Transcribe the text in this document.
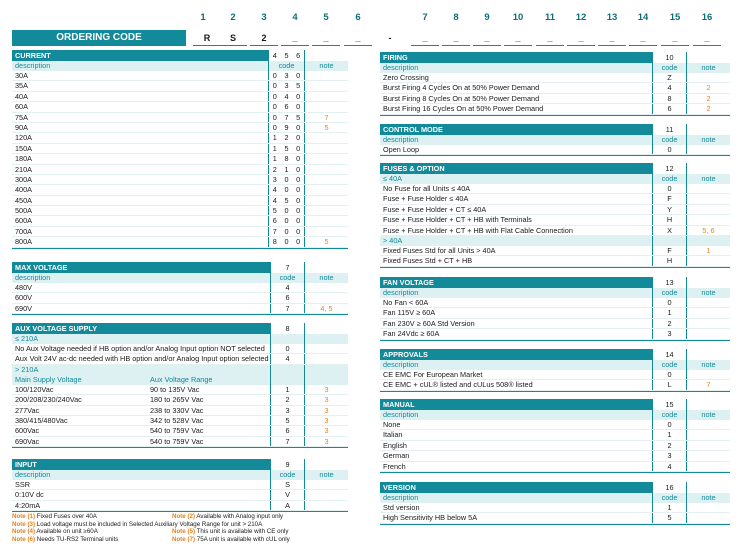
1	2	3	4	5	6	7	8	9	10	11	12	13	14	15	16
ORDERING CODE	R	S	2	_	_	_	-	_	_	_	_	_	_	_	_	_	_
CURRENT	4	5	6
description	code	note
30A	0	3	0
35A	0	3	5
40A	0	4	0
60A	0	6	0
75A	0	7	5	7
90A	0	9	0	5
120A	1	2	0
150A	1	5	0
180A	1	8	0
210A	2	1	0
300A	3	0	0
400A	4	0	0
450A	4	5	0
500A	5	0	0
600A	6	0	0
700A	7	0	0
800A	8	0	0	5
MAX VOLTAGE	7
description	code	note
480V	4
600V	6
690V	7	4, 5
AUX VOLTAGE SUPPLY	8
≤ 210A
No Aux Voltage needed if HB option and/or Analog Input option NOT selected	0
Aux Volt 24V ac-dc needed with HB option and/or Analog Input option selected	4
> 210A
Main Supply Voltage	Aux Voltage Range
100/120Vac	90 to 135V Vac	1	3
200/208/230/240Vac	180 to 265V Vac	2	3
277Vac	238 to 330V Vac	3	3
380/415/480Vac	342 to 528V Vac	5	3
600Vac	540 to 759V Vac	6	3
690Vac	540 to 759V Vac	7	3
INPUT	9
description	code	note
SSR	S
0:10V dc	V
4:20mA	A
Note (1) Fixed Fuses over 40A	Note (2) Available with Analog input only
Note (3) Load voltage must be included in Selected Auxiliary Voltage Range for unit > 210A
Note (4) Available on unit ≥60A	Note (5) This unit is available with CE only
Note (6) Needs TU-RS2 Terminal units	Note (7) 75A unit is available with cUL only
FIRING	10
description	code	note
Zero Crossing	Z
Burst Firing 4 Cycles On at 50% Power Demand	4	2
Burst Firing 8 Cycles On at 50% Power Demand	8	2
Burst Firing 16 Cycles On at 50% Power Demand	6	2
CONTROL MODE	11
description	code	note
Open Loop	0
FUSES & OPTION	12
≤ 40A	code	note
No Fuse for all Units ≤ 40A	0
Fuse + Fuse Holder ≤ 40A	F
Fuse + Fuse Holder + CT ≤ 40A	Y
Fuse + Fuse Holder + CT + HB with Terminals	H
Fuse + Fuse Holder + CT + HB with Flat Cable Connection	X	5, 6
> 40A
Fixed Fuses Std for all Units > 40A	F	1
Fixed Fuses Std + CT + HB	H
FAN VOLTAGE	13
description	code	note
No Fan < 60A	0
Fan 115V ≥ 60A	1
Fan 230V ≥ 60A Std Version	2
Fan 24Vdc ≥ 60A	3
APPROVALS	14
description	code	note
CE EMC For European Market	0
CE EMC + cUL® listed and cULus 508® listed	L	7
MANUAL	15
description	code	note
None	0
Italian	1
English	2
German	3
French	4
VERSION	16
description	code	note
Std version	1
High Sensitivity HB below 5A	5
